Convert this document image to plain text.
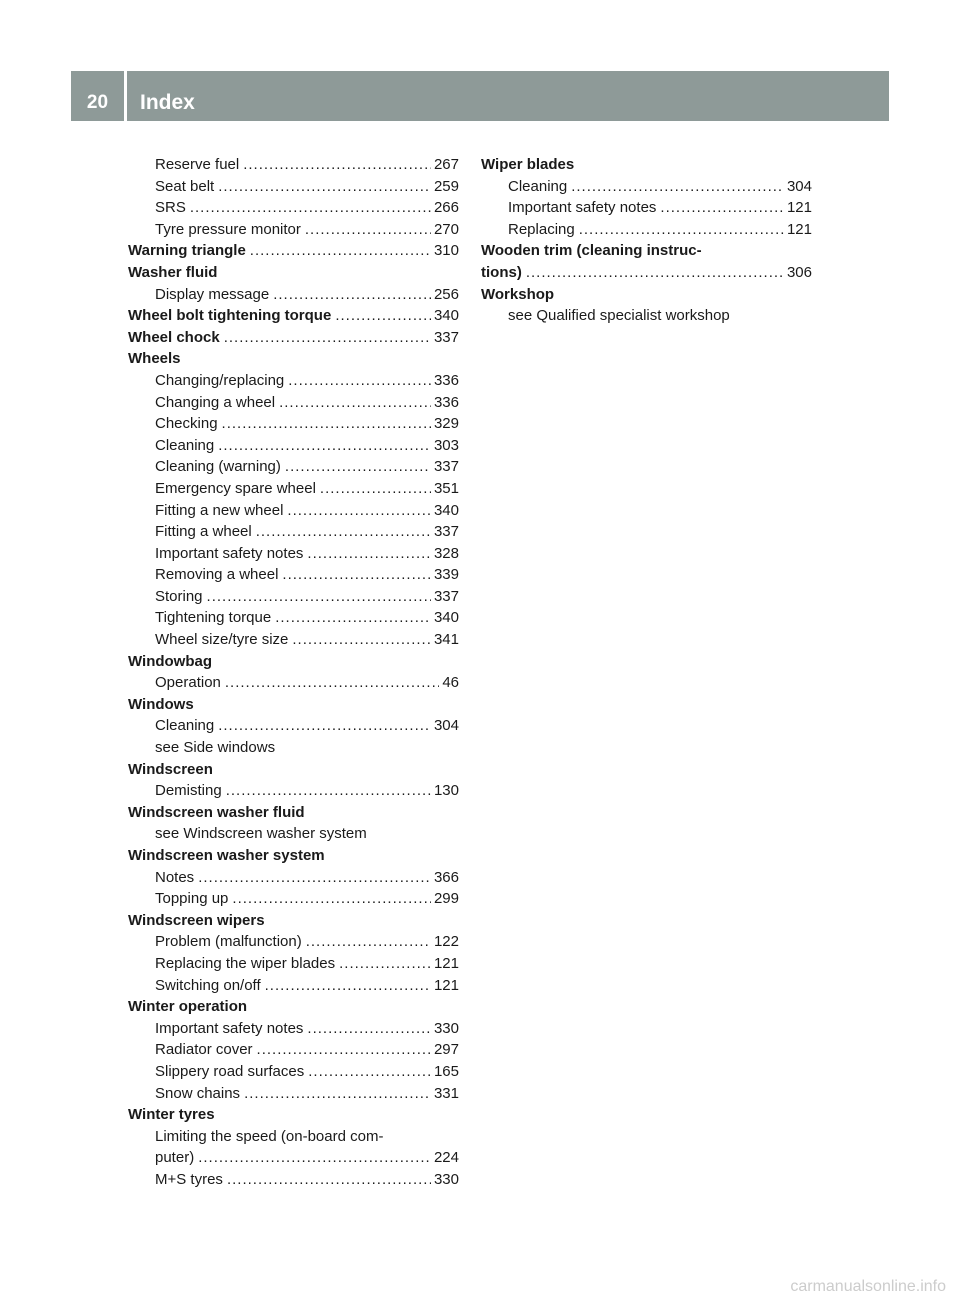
20	Index
Reserve fuel .....	267
Seat belt .....	259
SRS .....	266
Tyre pressure monitor .....	270
Warning triangle .....	310
Washer fluid
Display message .....	256
Wheel bolt tightening torque .....	340
Wheel chock .....	337
Wheels
Changing/replacing .....	336
Changing a wheel .....	336
Checking .....	329
Cleaning .....	303
Cleaning (warning) .....	337
Emergency spare wheel .....	351
Fitting a new wheel .....	340
Fitting a wheel .....	337
Important safety notes .....	328
Removing a wheel .....	339
Storing .....	337
Tightening torque .....	340
Wheel size/tyre size .....	341
Windowbag
Operation .....	46
Windows
Cleaning .....	304
see Side windows
Windscreen
Demisting .....	130
Windscreen washer fluid
see Windscreen washer system
Windscreen washer system
Notes .....	366
Topping up .....	299
Windscreen wipers
Problem (malfunction) .....	122
Replacing the wiper blades .....	121
Switching on/off .....	121
Winter operation
Important safety notes .....	330
Radiator cover .....	297
Slippery road surfaces .....	165
Snow chains .....	331
Winter tyres
Limiting the speed (on-board com-
puter) .....	224
M+S tyres .....	330
Wiper blades
Cleaning .....	304
Important safety notes .....	121
Replacing .....	121
Wooden trim (cleaning instruc-
tions) .....	306
Workshop
see Qualified specialist workshop
carmanualsonline.info
